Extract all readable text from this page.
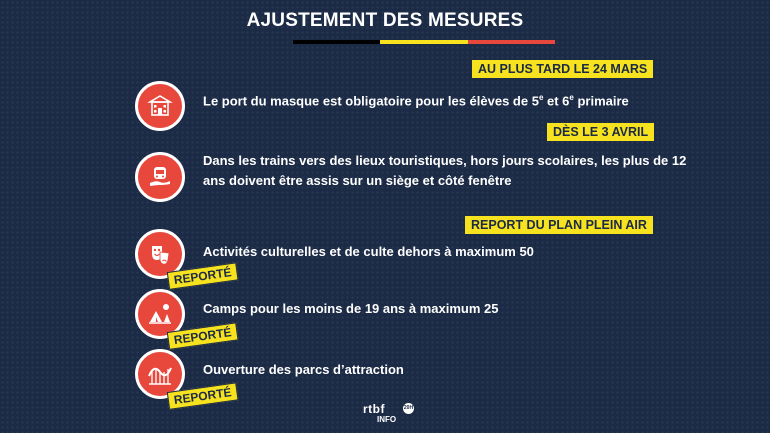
AJUSTEMENT DES MESURES
AU PLUS TARD LE 24 MARS
DÈS LE 3 AVRIL
REPORT DU PLAN PLEIN AIR
Le port du masque est obligatoire pour les élèves de 5e et 6e primaire
Dans les trains vers des lieux touristiques, hors jours scolaires, les plus de 12
ans doivent être assis sur un siège et côté fenêtre
Activités culturelles et de culte dehors à maximum 50
REPORTÉ
Camps pour les moins de 19 ans à maximum 25
REPORTÉ
Ouverture des parcs d’attraction
REPORTÉ
rtbf	20H
INFO
